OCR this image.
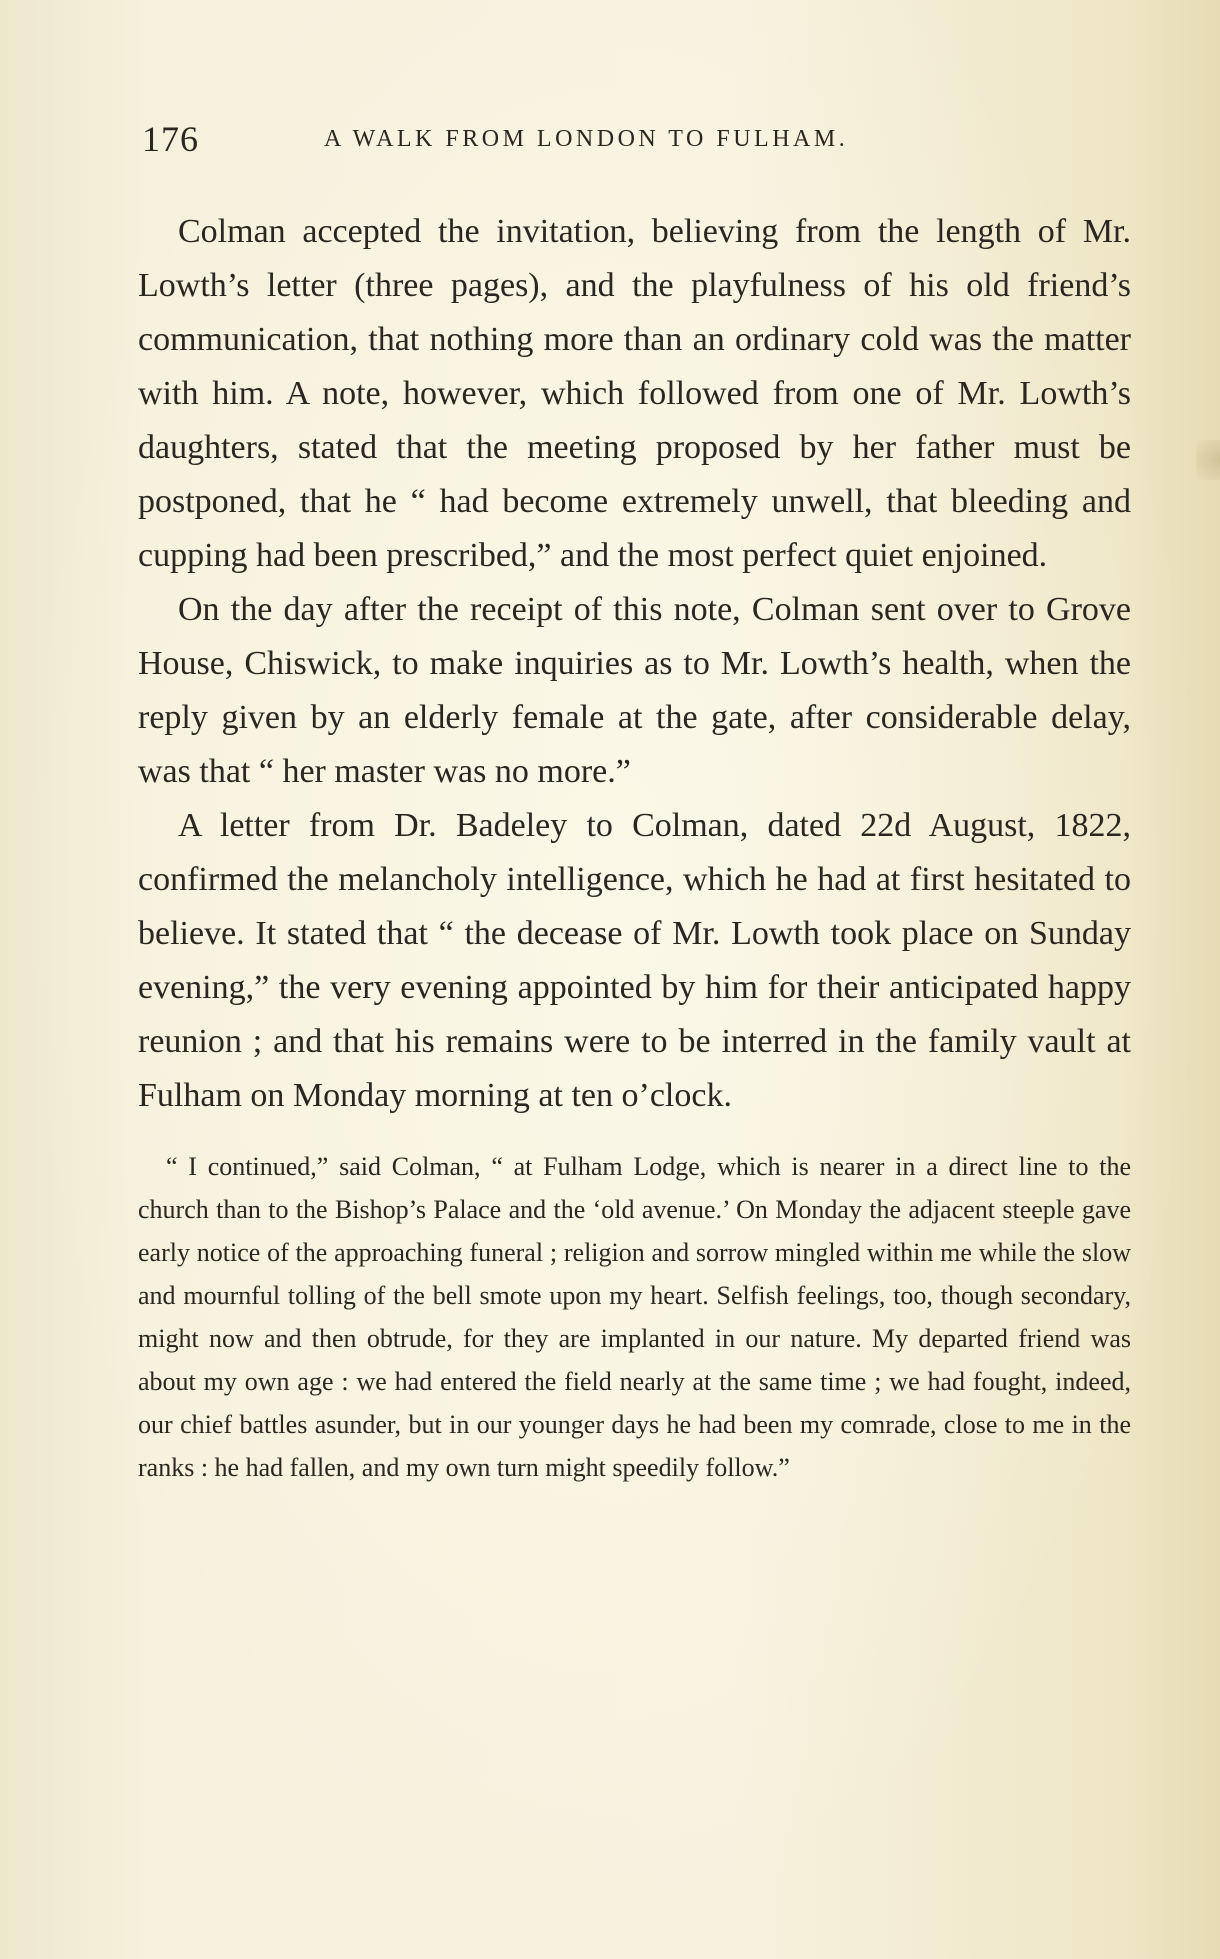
176	A WALK FROM LONDON TO FULHAM.

Colman accepted the invitation, believing from the length of Mr. Lowth’s letter (three pages), and the playfulness of his old friend’s communication, that nothing more than an ordinary cold was the matter with him. A note, however, which followed from one of Mr. Lowth’s daughters, stated that the meeting proposed by her father must be postponed, that he “ had become extremely unwell, that bleeding and cupping had been prescribed,” and the most perfect quiet enjoined.

On the day after the receipt of this note, Colman sent over to Grove House, Chiswick, to make inquiries as to Mr. Lowth’s health, when the reply given by an elderly female at the gate, after considerable delay, was that “ her master was no more.”

A letter from Dr. Badeley to Colman, dated 22d August, 1822, confirmed the melancholy intelligence, which he had at first hesitated to believe. It stated that “ the decease of Mr. Lowth took place on Sunday evening,” the very evening appointed by him for their anticipated happy reunion ; and that his remains were to be interred in the family vault at Fulham on Monday morning at ten o’clock.

“ I continued,” said Colman, “ at Fulham Lodge, which is nearer in a direct line to the church than to the Bishop’s Palace and the ‘old avenue.’ On Monday the adjacent steeple gave early notice of the approaching funeral ; religion and sorrow mingled within me while the slow and mournful tolling of the bell smote upon my heart. Selfish feelings, too, though secondary, might now and then obtrude, for they are implanted in our nature. My departed friend was about my own age : we had entered the field nearly at the same time ; we had fought, indeed, our chief battles asunder, but in our younger days he had been my comrade, close to me in the ranks : he had fallen, and my own turn might speedily follow.”
